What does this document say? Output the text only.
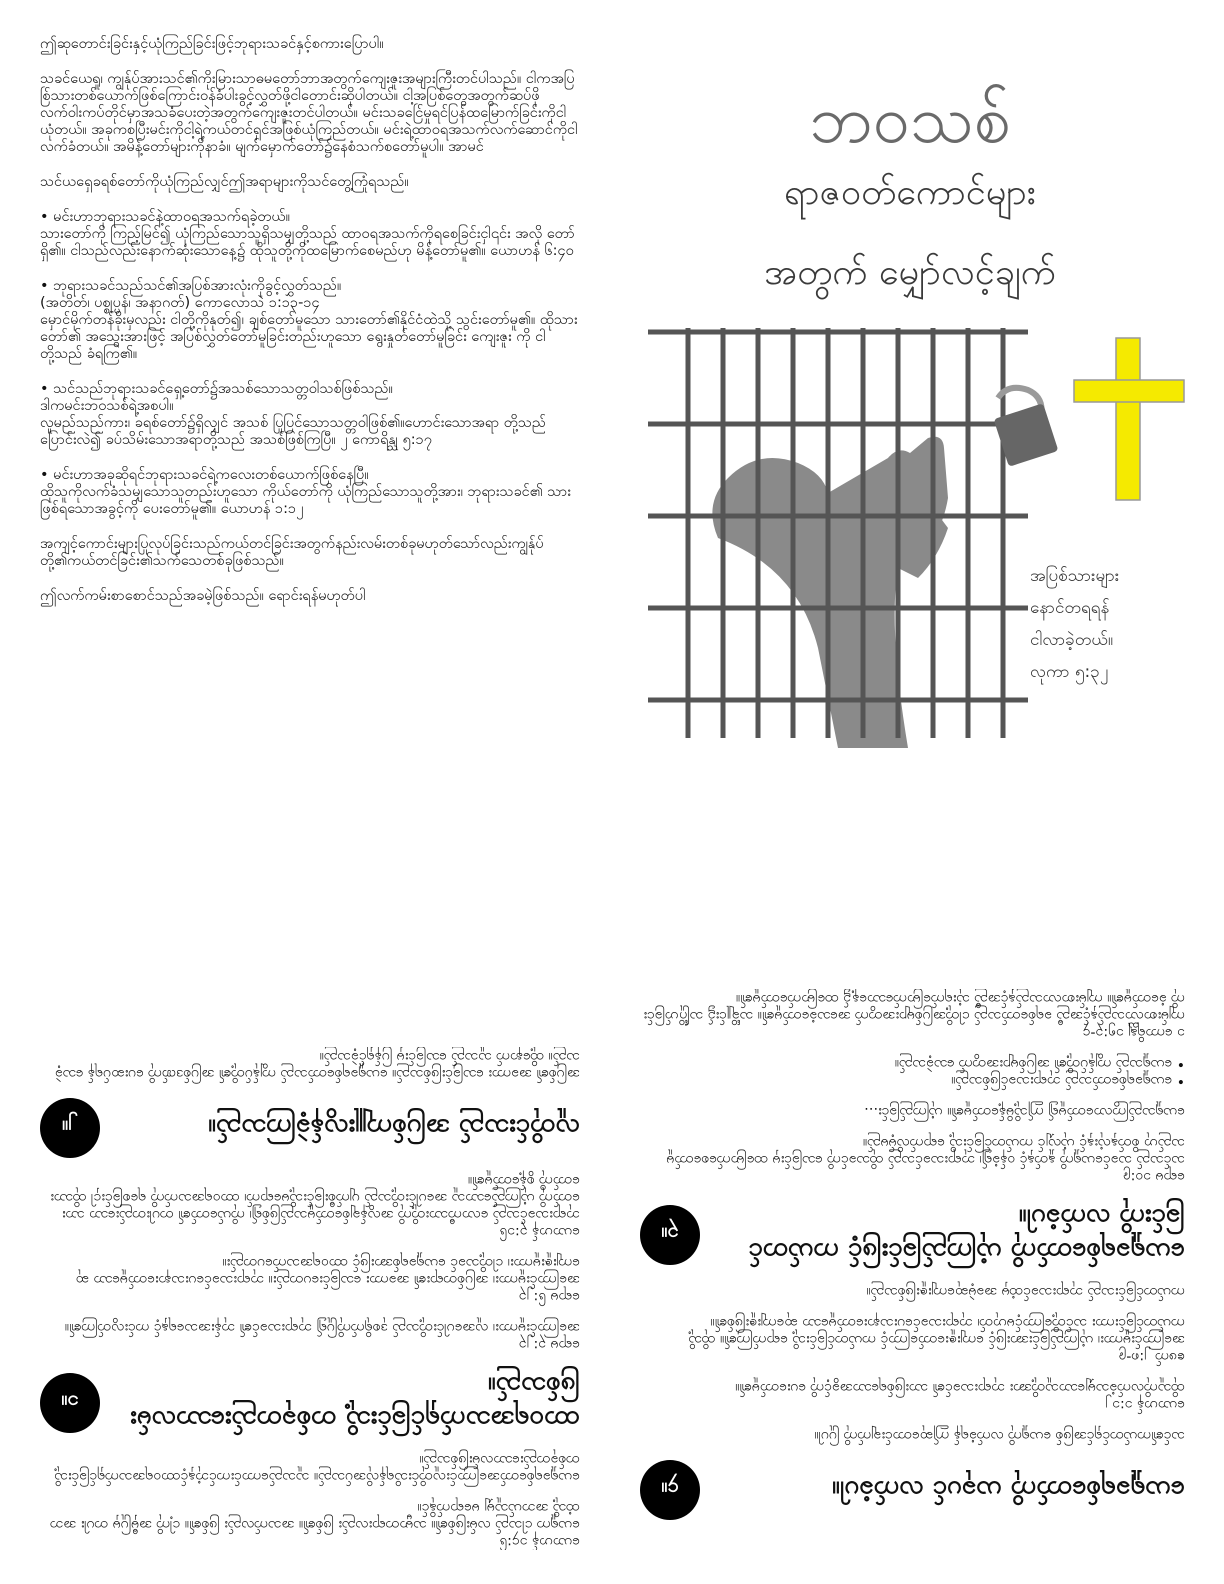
ဤဆုတောင်းခြင်းနှင့်ယုံကြည်ခြင်းဖြင့်ဘုရားသခင်နှင့်စကားပြောပါ။

သခင်ယေရှု၊ ကျွန်ုပ်အားသင်၏ကိုးမြားသာဓမတော်ဘာအတွက်ကျေးဇူးအများကြီးတင်ပါသည်။ ငါကအပြစ်ြသားတစ်ယောက်ဖြစ်ကြောင်းဝန်ခံပါးခွင့်လွှတ်ဖို့ငါတောင်းဆိုပါတယ်။ ငါ့အပြစ်တွေအတွက်ဆပ်ဖိုလက်ဝါးကပ်တိုင်မှာအသခံပေးတဲ့အတွက်ကျေးဇူးတင်ပါတယ်။ မင်းသခင်ြေမှုရင်ပြန်ထမြောက်ခြင်းကိုငါယုံတယ်။ အခုကစပြီးမင်းကိုငါ့ရဲ့ကယ်တင်ရှင်အဖြစ်ယုံကြည်တယ်။ မင်းရဲ့ထာဝရအသက်လက်ဆောင်ကိုငါလက်ခံတယ်။ အမိန့်တော်များကိုနာခံ။ မျက်မှောက်တော်၌နေစံသက်စတော်မူပါ။ အာမင်

သင်ယရှေခရစ်တော်ကိုယုံကြည်လျှင်ဤအရာများကိုသင်တွေ့ကြုံရသည်။

• မင်းဟာဘုရားသခင်နဲ့ထာဝရအသက်ရခဲ့တယ်။
သားတော်ကို ကြည့်မြင်၍ ယုံကြည်သောသူရှိသမျှတို့သည် ထာဝရအသက်ကိုရစေခြင်းငှါ၎င်း အလို တော်ရှိ၏။ ငါသည်လည်းနောက်ဆုံးသောနေ့၌ ထိုသူတို့ကိုထမြောက်စေမည်ဟု မိန့်တော်မူ၏။ ယောဟန် ၆:၄၀

• ဘုရားသခင်သည်သင်၏အပြစ်အားလုံးကိုခွင့်လွှတ်သည်။
(အတိတ်၊ ပစ္စုပ္ပန်၊ အနာဂတ်) ကောလောသဲ ၁:၁၃-၁၄
မှောင်မိုက်တန်ခိုးမှလည်း ငါတို့ကိုနုတ်၍၊ ချစ်တော်မူသော သားတော်၏နိုင်ငံထဲသို့ သွင်းတော်မူ၏။ ထိုသားတော်၏ အသွေးအားဖြင့် အပြစ်လွှတ်တော်မူခြင်းတည်းဟူသော ရွေးနှုတ်တော်မူခြင်း ကျေးဇူး ကို ငါတို့သည် ခံရကြ၏။

• သင်သည်ဘုရားသခင်ရှေ့တော်၌အသစ်သောသတ္တဝါသစ်ဖြစ်သည်။
ဒါကမင်းဘဝသစ်ရဲ့အစပါ။
လူမည်သည်ကား၊ ခရစ်တော်၌ရှိလျှင် အသစ် ပြုပြင်သောသတ္တဝါဖြစ်၏။ဟောင်းသောအရာ တို့သည် ပြောင်းလဲ၍ ခပ်သိမ်းသောအရာတို့သည် အသစ်ဖြစ်ကြပြီ။ ၂ ကောရိန္သု ၅:၁၇

• မင်းဟာအခုဆိုရင်ဘုရားသခင်ရဲ့ကလေးတစ်ယောက်ဖြစ်နေပြီ။
ထိုသူကိုလက်ခံသမျှသောသူတည်းဟူသော ကိုယ်တော်ကို ယုံကြည်သောသူတို့အား၊ ဘုရားသခင်၏ သားဖြစ်ရသောအခွင့်ကို ပေးတော်မူ၏။ ယောဟန် ၁:၁၂

အကျင့်ကောင်းများပြုလုပ်ခြင်းသည်ကယ်တင်ခြင်းအတွက်နည်းလမ်းတစ်ခုမဟုတ်သော်လည်းကျွန်ုပ်တို့၏ကယ်တင်ခြင်း၏သက်သေတစ်ခုဖြစ်သည်။

ဤလက်ကမ်းစာစောင်သည်အခမဲ့ဖြစ်သည်။ ရောင်းရန်မဟုတ်ပါ

ဘဝသစ်
ရာဇဝတ်ကောင်များ
အတွက် မျှော်လင့်ချက်
အပြစ်သားများ
နောင်တရရန်
ငါလာခဲ့တယ်။
လုကာ ၅:၃၂
ယောဟန် ၁၄:၆
ယေရှုက ငါသည် လမ်းဖြစ်၏။ သမ္မာတရားလည်း ဖြစ်၏။ အသက်လည်း ဖြစ်၏။ ငါ့ကို အမှီပြုမှ တပါး အဘထံသို့ အဘယ်သူမျှ မရောက်နိုင်။
ယေရှုခရစ်တော်အကြောင်းလူတိုင်းသိရန်လိုအပ်သည်။ သူသည်ကောင်းကင်ဘုံနှင့်ထာဝရအသက်ရှင်ခြင်းသို့ တစ်ခုတည်းသောလမ်းဖြစ်သည်။
ထာဝရအသက်ရှင်ခြင်းသို့ တစ်ခုတည်းသောလမ်းဖြစ်သည်။
၁။
ရောမ ၃:၂၃
အကြောင်းမူကား၊ လူအပေါင်းတို့သည် ဒုစရိုက်ကိုပြု၍ ဘုရားသခင်၏ ဘုန်းအသရေနှင့် ကင်းလွတ်ကြ၏။
ရောမ ၆:၂၃
အကြောင်းမူကား၊ အပြစ်တရား၏ အခကား သေခြင်းပေတည်း။ ဘုရားသခင်ပေးသနားတော်မူသော ဆုကျေးဇူးမူကား၊ ငါတို့သခင် ယေရှုခရစ်အားဖြင့် ထာဝရအသက်ပေတည်း။
ယောဟန် ၃:၁၆
ဘုရားသခင်သည် လောကီသားတို့ကို အလွန်ချစ်တော်မူသည်ဖြစ်၍၊ ကိုယ်တော်၏ တပါးတည်းသော သားတော်ကို ယုံကြည်သောသူ အပေါင်းတို့သည် ပျက်စီးခြင်းသို့မရောက်၊ ထာဝရအသက်ကို ရစေခြင်းငှါ ထိုသားတော်ကို စွန့်တော်မူ၏။
လူတိုင်းသည် အပြစ်ကျူးလွန်ခဲ့ကြသည်။
၂။
အပြစ်၏ အခကား သေခြင်းဖြစ်သည်။ ယေရှုခရစ်တော်သည် ကျွန်ုပ်တို့၏ အပြစ်ဒဏ်ကို ပေးဆပ်ရန် သေခဲ့သည်။ ထို့နောက် သူသည် သေခြင်းမှ ပြန်ရှင်ခဲ့သည်။
ယေရှုခရစ်တော်ကို ယခုပင် လက်ခံပါ။
၄။
သင်၏ကယ်တင်ရှင်အဖြစ် ယေရှုကို လက်ခံရန် ဤဆုတောင်းချက်ကို ပြုပါ။
ယောဟန် ၁:၁၂
ထိုသူကိုလက်ခံသမျှသောသူတို့အား ဘုရားသခင်၏ သားဖြစ်ရသောအခွင့်ကို ပေးတော်မူ၏။
ဧဖက် ၂:၈-၉
အကြောင်းမူကား၊ ယုံကြည်ခြင်းအားဖြင့် ကျေးဇူးတော်ကြောင့် ကယ်တင်ခြင်းသို့ ရောက်ကြ၏။ ထိုသို့ ကယ်တင်ခြင်းကား သင်တို့ကြောင့်မဟုတ်၊ ဘုရားသခင်ပေးသနားတော်မူသော ဆုကျေးဇူးဖြစ်၏။
ကယ်တင်ခြင်းသည် ဘုရားသခင်ထံမှ အခမဲ့ဆုကျေးဇူးဖြစ်သည်။
ယေရှုခရစ်တော်ကို ယုံကြည်ခြင်းဖြင့် ကယ်တင်ခြင်းကို လက်ခံပါ။
၃။
ရောမ ၁၀:၉
သင်သည် သခင်ယေရှုကို နှုတ်နှင့် ဝန်ခံ၍၊ ဘုရားသခင်သည် ထိုသခင်ကို သေခြင်းမှ ထမြောက်စေတော်မူသည်ဟု စိတ်နှလုံးနှင့် ယုံလျှင် ကယ်တင်ခြင်းသို့ ရောက်လိမ့်မည်။
ယေရှုသည်ကြွလာတော်မူ၍ ဤသို့မိန့်တော်မူ၏။ ယုံကြည်ခြင်း…
• ယေရှုခရစ်တော်သည် ဘုရားသခင်ဖြစ်သည်။
• ယေရှုသည် ကျွန်ုပ်တို့၏ အပြစ်များအတွက် သေခဲ့သည်။
၁ ကောရိန္သု ၁၅:၃-၄
ကျမ်းစာလာသည်နှင့်အညီ ခရစ်တော်သည် ငါတို့အပြစ်များအတွက် အသေခံတော်မူ၏။ သင်္ချိုင်း၌ သင်္ဂြိုဟ်ခြင်းကို ခံတော်မူ၏။ ကျမ်းစာလာသည်နှင့်အညီ သုံးရက်မြောက်သောနေ့၌ ထမြောက်တော်မူ၏။
